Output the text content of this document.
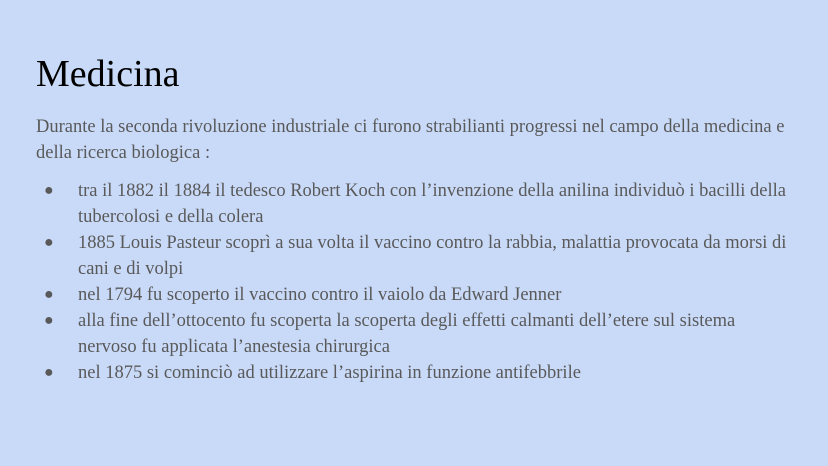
Medicina

Durante la seconda rivoluzione industriale ci furono strabilianti progressi nel campo della medicina e della ricerca biologica :

● tra il 1882 il 1884 il tedesco Robert Koch con l’invenzione della anilina individuò i bacilli della tubercolosi e della colera
● 1885 Louis Pasteur scoprì a sua volta il vaccino contro la rabbia, malattia provocata da morsi di cani e di volpi
● nel 1794 fu scoperto il vaccino contro il vaiolo da Edward Jenner
● alla fine dell’ottocento fu scoperta la scoperta degli effetti calmanti dell’etere sul sistema nervoso fu applicata l’anestesia chirurgica
● nel 1875 si cominciò ad utilizzare l’aspirina in funzione antifebbrile
